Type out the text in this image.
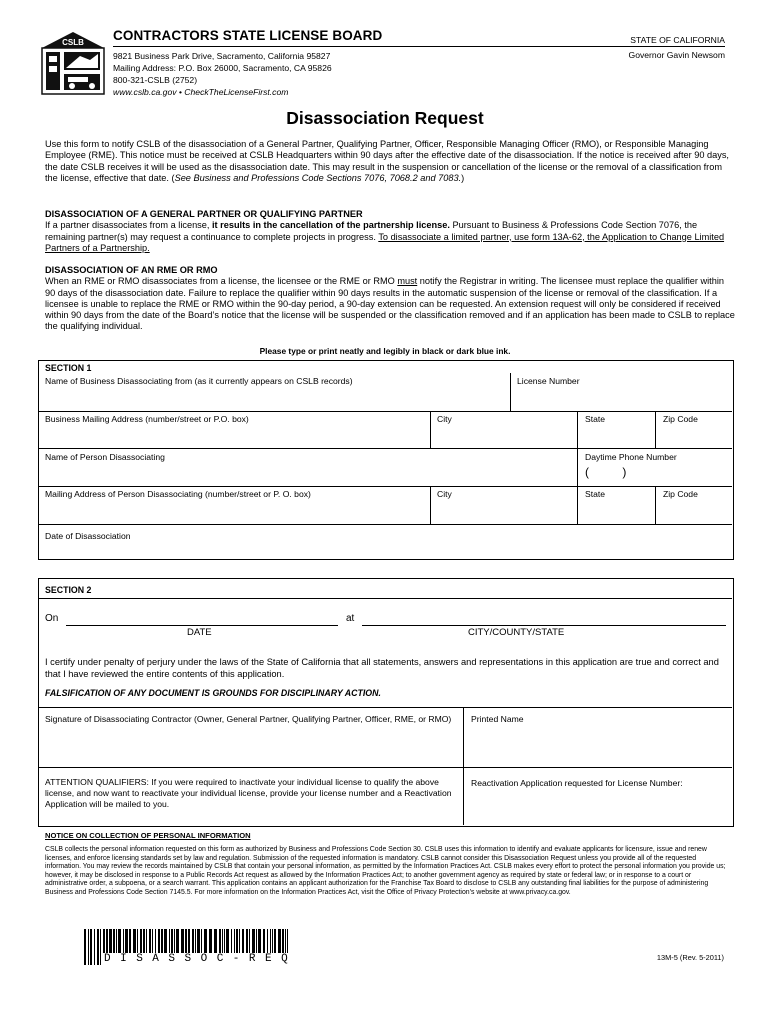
CSLB CONTRACTORS STATE LICENSE BOARD
9821 Business Park Drive, Sacramento, California 95827
Mailing Address: P.O. Box 26000, Sacramento, CA 95826
800-321-CSLB (2752)
www.cslb.ca.gov • CheckTheLicenseFirst.com
STATE OF CALIFORNIA
Governor Gavin Newsom
Disassociation Request
Use this form to notify CSLB of the disassociation of a General Partner, Qualifying Partner, Officer, Responsible Managing Officer (RMO), or Responsible Managing Employee (RME). This notice must be received at CSLB Headquarters within 90 days after the effective date of the disassociation. If the notice is received after 90 days, the date CSLB receives it will be used as the disassociation date. This may result in the suspension or cancellation of the license or the removal of a classification from the license, effective that date. (See Business and Professions Code Sections 7076, 7068.2 and 7083.)
DISASSOCIATION OF A GENERAL PARTNER OR QUALIFYING PARTNER
If a partner disassociates from a license, it results in the cancellation of the partnership license. Pursuant to Business & Professions Code Section 7076, the remaining partner(s) may request a continuance to complete projects in progress. To disassociate a limited partner, use form 13A-62, the Application to Change Limited Partners of a Partnership.
DISASSOCIATION OF AN RME OR RMO
When an RME or RMO disassociates from a license, the licensee or the RME or RMO must notify the Registrar in writing. The licensee must replace the qualifier within 90 days of the disassociation date. Failure to replace the qualifier within 90 days results in the automatic suspension of the license or removal of the classification. If a licensee is unable to replace the RME or RMO within the 90-day period, a 90-day extension can be requested. An extension request will only be considered if received within 90 days from the date of the Board’s notice that the license will be suspended or the classification removed and if an application has been made to CSLB to replace the qualifying individual.
Please type or print neatly and legibly in black or dark blue ink.
SECTION 1
Name of Business Disassociating from (as it currently appears on CSLB records)	License Number
Business Mailing Address (number/street or P.O. box)	City	State	Zip Code
Name of Person Disassociating	Daytime Phone Number
(          )
Mailing Address of Person Disassociating (number/street or P. O. box)	City	State	Zip Code
Date of Disassociation
SECTION 2
On	at
DATE	CITY/COUNTY/STATE
I certify under penalty of perjury under the laws of the State of California that all statements, answers and representations in this application are true and correct and that I have reviewed the entire contents of this application.
FALSIFICATION OF ANY DOCUMENT IS GROUNDS FOR DISCIPLINARY ACTION.
Signature of Disassociating Contractor (Owner, General Partner, Qualifying Partner, Officer, RME, or RMO)	Printed Name
ATTENTION QUALIFIERS: If you were required to inactivate your individual license to qualify the above license, and now want to reactivate your individual license, provide your license number and a Reactivation Application will be mailed to you.
Reactivation Application requested for License Number:
NOTICE ON COLLECTION OF PERSONAL INFORMATION
CSLB collects the personal information requested on this form as authorized by Business and Professions Code Section 30. CSLB uses this information to identify and evaluate applicants for licensure, issue and renew licenses, and enforce licensing standards set by law and regulation. Submission of the requested information is mandatory. CSLB cannot consider this Disassociation Request unless you provide all of the requested information. You may review the records maintained by CSLB that contain your personal information, as permitted by the Information Practices Act. CSLB makes every effort to protect the personal information you provide us; however, it may be disclosed in response to a Public Records Act request as allowed by the Information Practices Act; to another government agency as required by state or federal law; or in response to a court or administrative order, a subpoena, or a search warrant. This application contains an applicant authorization for the Franchise Tax Board to disclose to CSLB any outstanding final liabilities for the purpose of administering Business and Professions Code Section 7145.5. For more information on the Information Practices Act, visit the Office of Privacy Protection’s website at www.privacy.ca.gov.
DISASSOC-REQ	13M-5 (Rev. 5-2011)
